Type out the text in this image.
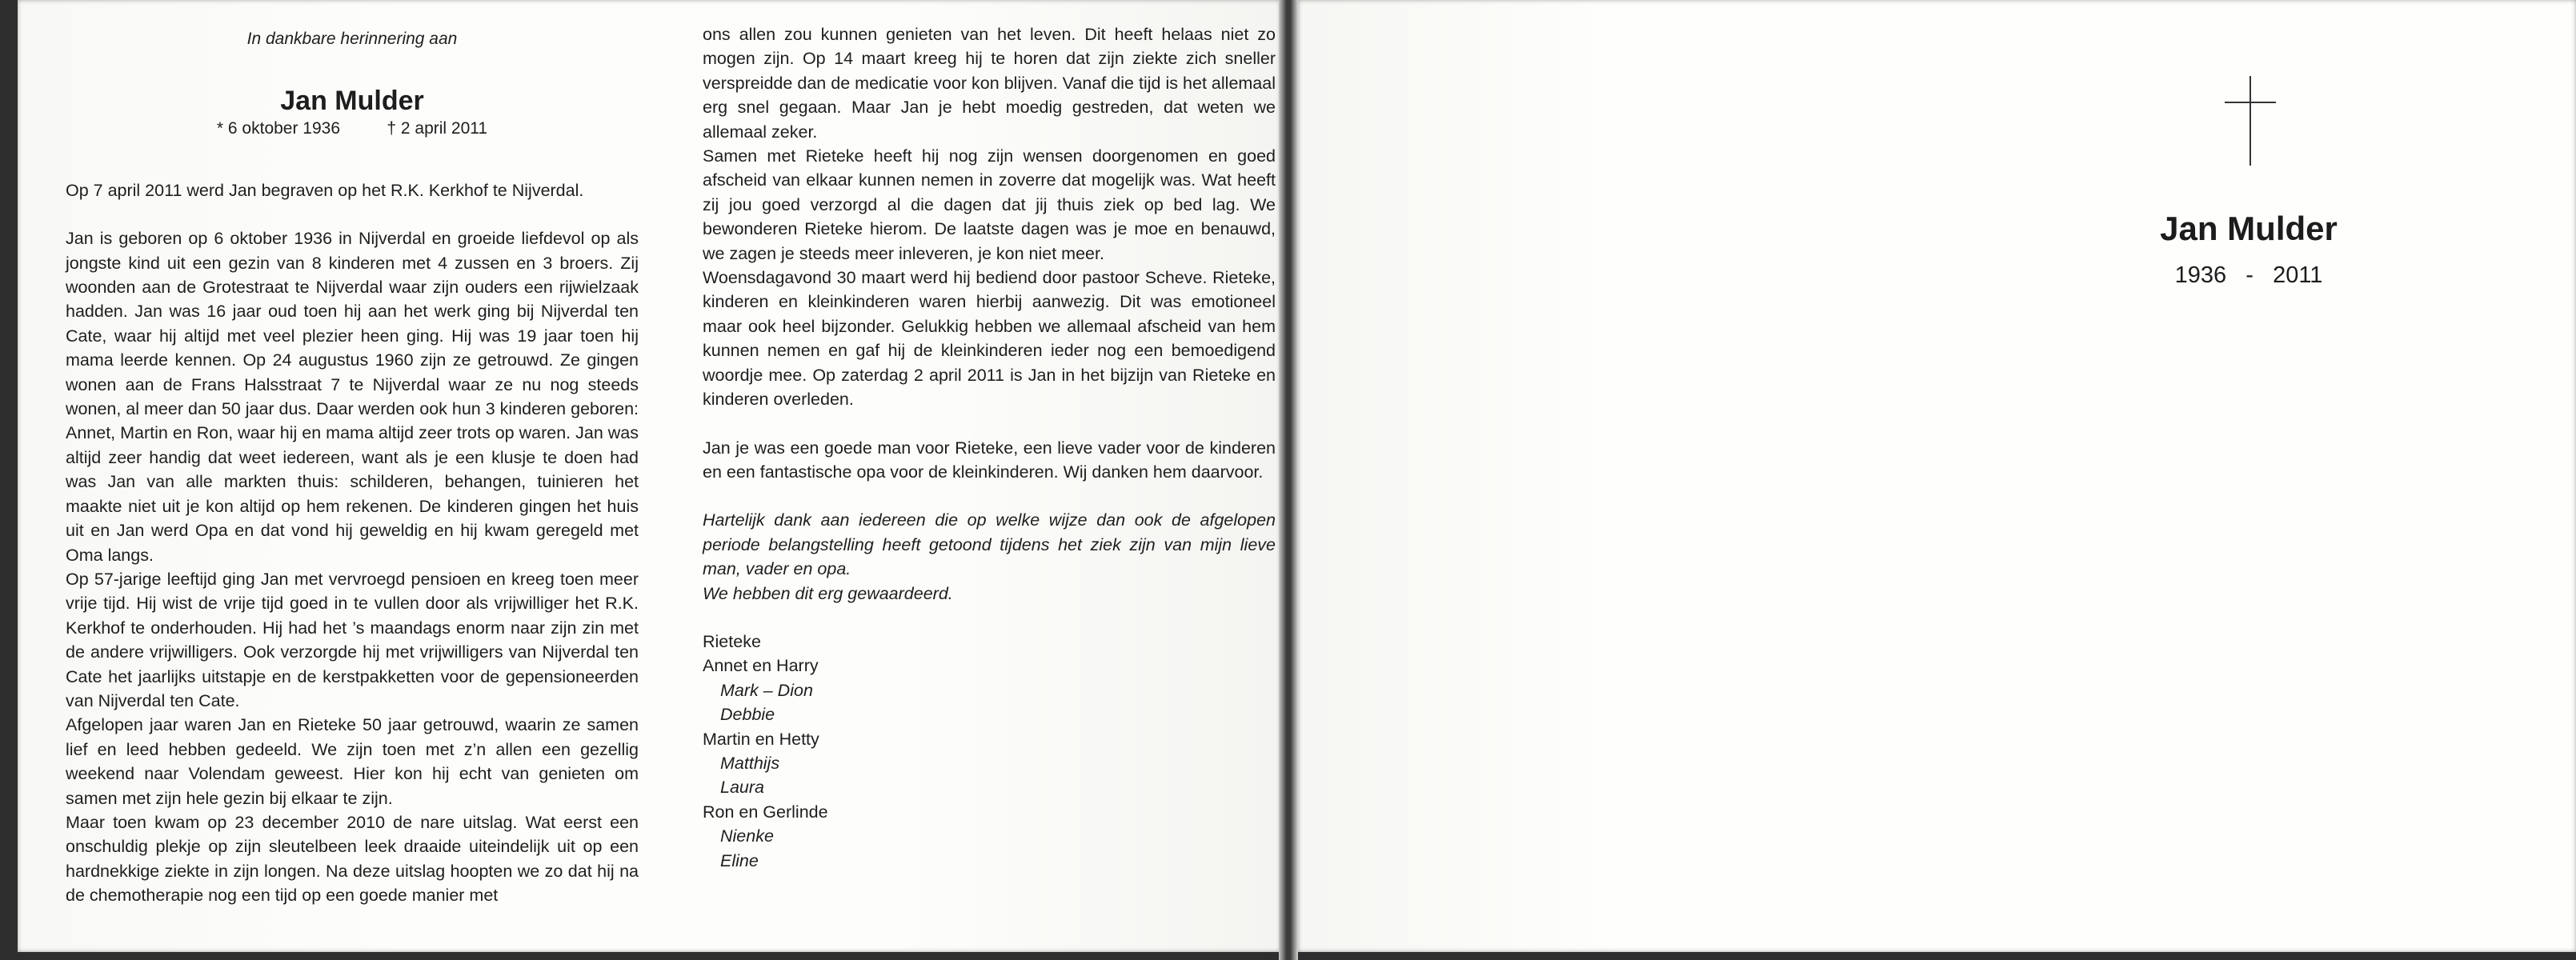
In dankbare herinnering aan
Jan Mulder
* 6 oktober 1936          † 2 april 2011

Op 7 april 2011 werd Jan begraven op het R.K. Kerkhof te Nijverdal.

Jan is geboren op 6 oktober 1936 in Nijverdal en groeide liefdevol op als jongste kind uit een gezin van 8 kinderen met 4 zussen en 3 broers. Zij woonden aan de Grotestraat te Nijverdal waar zijn ouders een rijwielzaak hadden. Jan was 16 jaar oud toen hij aan het werk ging bij Nijverdal ten Cate, waar hij altijd met veel plezier heen ging. Hij was 19 jaar toen hij mama leerde kennen. Op 24 augustus 1960 zijn ze getrouwd. Ze gingen wonen aan de Frans Halsstraat 7 te Nijverdal waar ze nu nog steeds wonen, al meer dan 50 jaar dus. Daar werden ook hun 3 kinderen geboren: Annet, Martin en Ron, waar hij en mama altijd zeer trots op waren. Jan was altijd zeer handig dat weet iedereen, want als je een klusje te doen had was Jan van alle markten thuis: schilderen, behangen, tuinieren het maakte niet uit je kon altijd op hem rekenen. De kinderen gingen het huis uit en Jan werd Opa en dat vond hij geweldig en hij kwam geregeld met Oma langs.

Op 57-jarige leeftijd ging Jan met vervroegd pensioen en kreeg toen meer vrije tijd. Hij wist de vrije tijd goed in te vullen door als vrijwilliger het R.K. Kerkhof te onderhouden. Hij had het ’s maandags enorm naar zijn zin met de andere vrijwilligers. Ook verzorgde hij met vrijwilligers van Nijverdal ten Cate het jaarlijks uitstapje en de kerstpakketten voor de gepensioneerden van Nijverdal ten Cate.

Afgelopen jaar waren Jan en Rieteke 50 jaar getrouwd, waarin ze samen lief en leed hebben gedeeld. We zijn toen met z’n allen een gezellig weekend naar Volendam geweest. Hier kon hij echt van genieten om samen met zijn hele gezin bij elkaar te zijn.

Maar toen kwam op 23 december 2010 de nare uitslag. Wat eerst een onschuldig plekje op zijn sleutelbeen leek draaide uiteindelijk uit op een hardnekkige ziekte in zijn longen. Na deze uitslag hoopten we zo dat hij na de chemotherapie nog een tijd op een goede manier met

ons allen zou kunnen genieten van het leven. Dit heeft helaas niet zo mogen zijn. Op 14 maart kreeg hij te horen dat zijn ziekte zich sneller verspreidde dan de medicatie voor kon blijven. Vanaf die tijd is het allemaal erg snel gegaan. Maar Jan je hebt moedig gestreden, dat weten we allemaal zeker.

Samen met Rieteke heeft hij nog zijn wensen doorgenomen en goed afscheid van elkaar kunnen nemen in zoverre dat mogelijk was. Wat heeft zij jou goed verzorgd al die dagen dat jij thuis ziek op bed lag. We bewonderen Rieteke hierom. De laatste dagen was je moe en benauwd, we zagen je steeds meer inleveren, je kon niet meer.

Woensdagavond 30 maart werd hij bediend door pastoor Scheve. Rieteke, kinderen en kleinkinderen waren hierbij aanwezig. Dit was emotioneel maar ook heel bijzonder. Gelukkig hebben we allemaal afscheid van hem kunnen nemen en gaf hij de kleinkinderen ieder nog een bemoedigend woordje mee. Op zaterdag 2 april 2011 is Jan in het bijzijn van Rieteke en kinderen overleden.

Jan je was een goede man voor Rieteke, een lieve vader voor de kinderen en een fantastische opa voor de kleinkinderen. Wij danken hem daarvoor.

Hartelijk dank aan iedereen die op welke wijze dan ook de afgelopen periode belangstelling heeft getoond tijdens het ziek zijn van mijn lieve man, vader en opa.

We hebben dit erg gewaardeerd.

Rieteke
Annet en Harry
Mark – Dion
Debbie
Martin en Hetty
Matthijs
Laura
Ron en Gerlinde
Nienke
Eline
Jan Mulder
1936   -   2011
